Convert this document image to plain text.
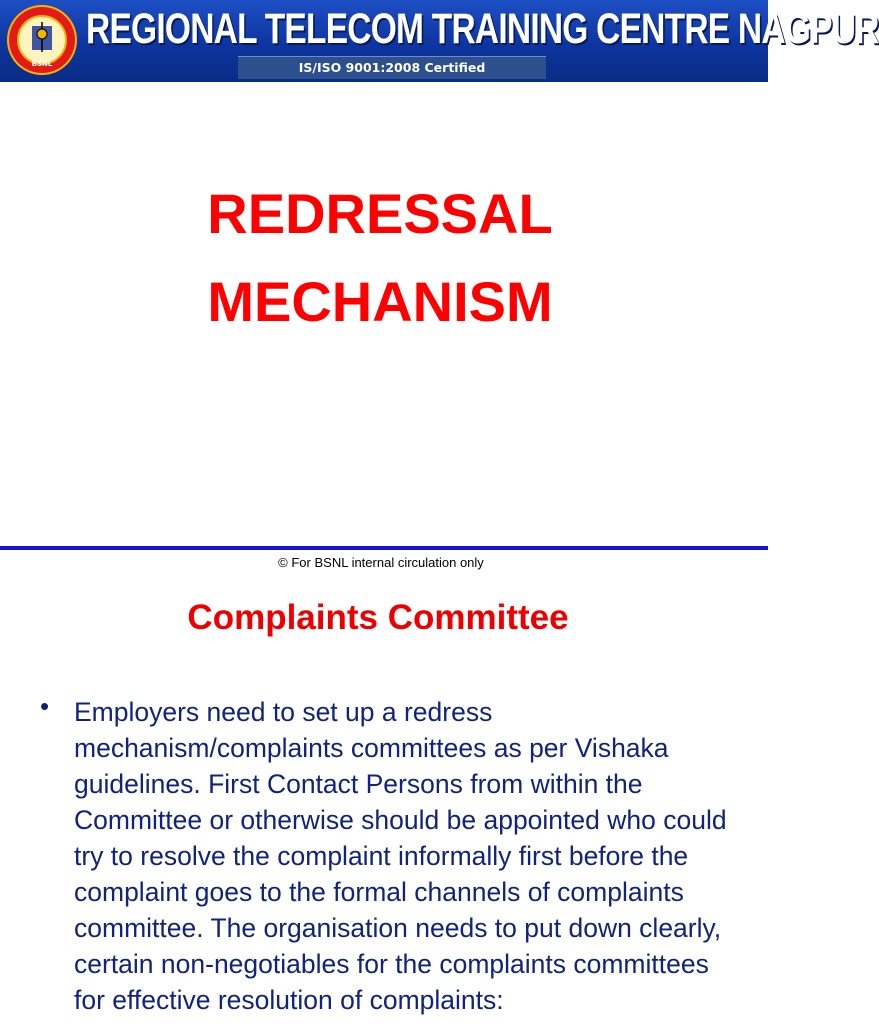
BSNL
REGIONAL TELECOM TRAINING CENTRE NAGPUR
IS/ISO 9001:2008 Certified
REDRESSAL
MECHANISM
© For BSNL internal circulation only
Complaints Committee
• Employers need to set up a redress mechanism/complaints committees as per Vishaka guidelines. First Contact Persons from within the Committee or otherwise should be appointed who could try to resolve the complaint informally first before the complaint goes to the formal channels of complaints committee. The organisation needs to put down clearly, certain non-negotiables for the complaints committees for effective resolution of complaints:
